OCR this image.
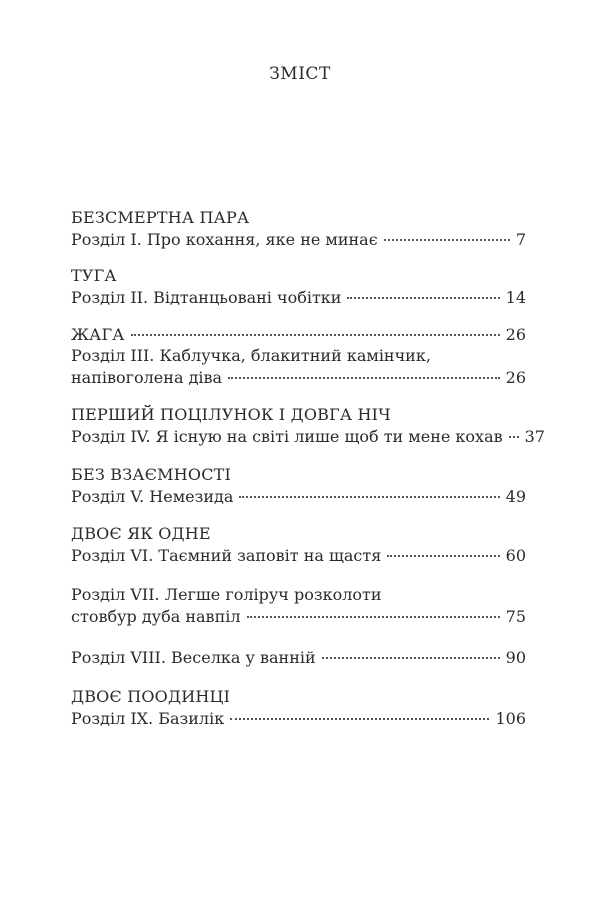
ЗМІСТ
БЕЗСМЕРТНА ПАРА
Розділ І. Про кохання, яке не минає	7
ТУГА
Розділ ІІ. Відтанцьовані чобітки	14
ЖАГА	26
Розділ ІІІ. Каблучка, блакитний камінчик,
напівоголена діва	26
ПЕРШИЙ ПОЦІЛУНОК І ДОВГА НІЧ
Розділ IV. Я існую на світі лише щоб ти мене кохав 37
БЕЗ ВЗАЄМНОСТІ
Розділ V. Немезида	49
ДВОЄ ЯК ОДНЕ
Розділ VI. Таємний заповіт на щастя	60
Розділ VII. Легше голіруч розколоти
стовбур дуба навпіл	75
Розділ VIII. Веселка у ванній	90
ДВОЄ ПООДИНЦІ
Розділ IX. Базилік	106
